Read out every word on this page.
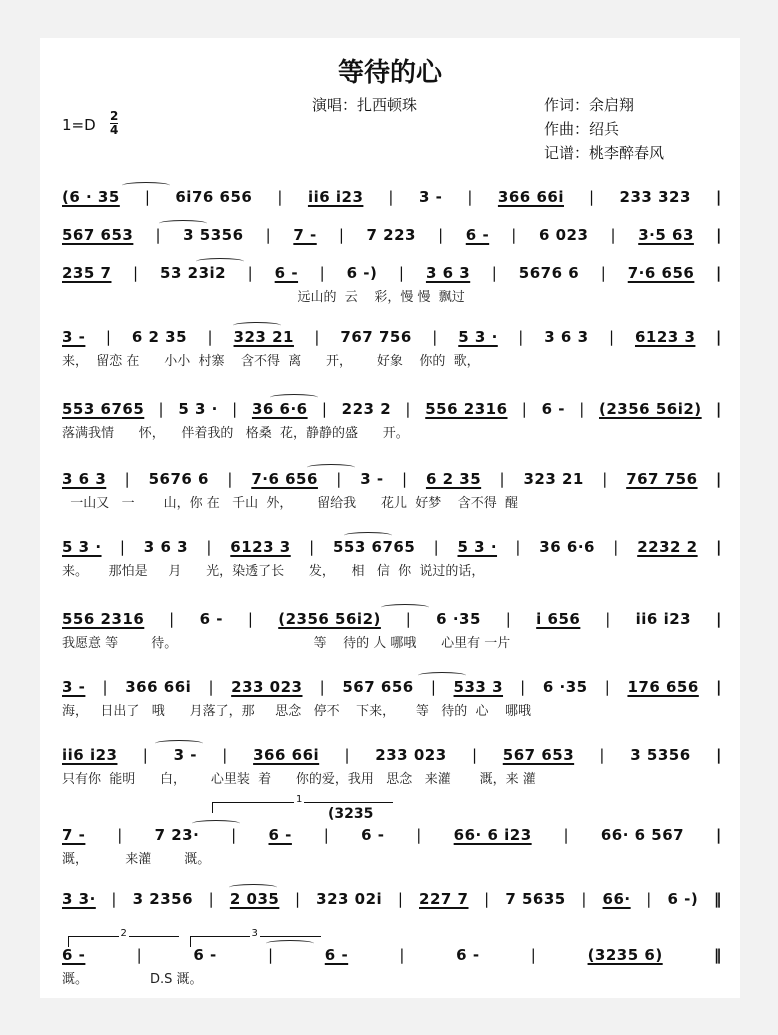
等待的心
演唱：扎西顿珠	作词：余启翔
作曲：绍兵
记谱：桃李醉春风
$1=D \frac{2}{4}$
(6 · 35 | 6i76 656 | ii6 i23 | 3 - | 366 66i | 233 323 |
567 653 | 3 5356 | 7 - | 7 223 | 6 - | 6 023 | 3·5 63 |
235 7 | 53 23i2 | 6 - | 6 -) | 3 6 3 | 5676 6 | 7·6 656 |
远山的  云    彩，慢 慢  飘过
3 - | 6 2 35 | 323 21 | 767 756 | 5 3 · | 3 6 3 | 6123 3 |
来，  留恋 在      小小  村寨    含不得  离      开，      好象    你的  歌，
553 6765 | 5 3 · | 36 6·6 | 223 2 | 556 2316 | 6 - | (2356 56i2) |
落满我情      怀，    伴着我的   格桑  花，静静的盛      开。
3 6 3 | 5676 6 | 7·6 656 | 3 - | 6 2 35 | 323 21 | 767 756 |
一山又   一       山，你 在   千山  外，      留给我      花儿  好梦    含不得  醒
5 3 · | 3 6 3 | 6123 3 | 553 6765 | 5 3 · | 36 6·6 | 2232 2 |
来。     那怕是     月      光，染透了长      发，    相   信  你  说过的话，
556 2316 | 6 - | (2356 56i2) | 6 ·35 | i 656 | ii6 i23 |
我愿意 等        待。                                 等    待的 人 哪哦      心里有 一片
3 - | 366 66i | 233 023 | 567 656 | 533 3 | 6 ·35 | 176 656 |
海，   日出了   哦      月落了，那     思念   停不    下来，     等   待的  心    哪哦
ii6 i23 | 3 - | 366 66i | 233 023 | 567 653 | 3 5356 |
只有你  能明      白，      心里装  着      你的爱，我用   思念   来灌       溉，来 灌
7 - | 7 23· | 6 - | 6 - | 66· 6 i23 | 66· 6 567 |
溉，         来灌        溉。
3 3· | 3 2356 | 2 035 | 323 02i | 227 7 | 7 5635 | 66· | 6 -) ‖
6 -	|	6 -	|	6 -	|	6 -	|	(3235 6)	‖
溉。               D.S 溉。
1
(3235
2	3
